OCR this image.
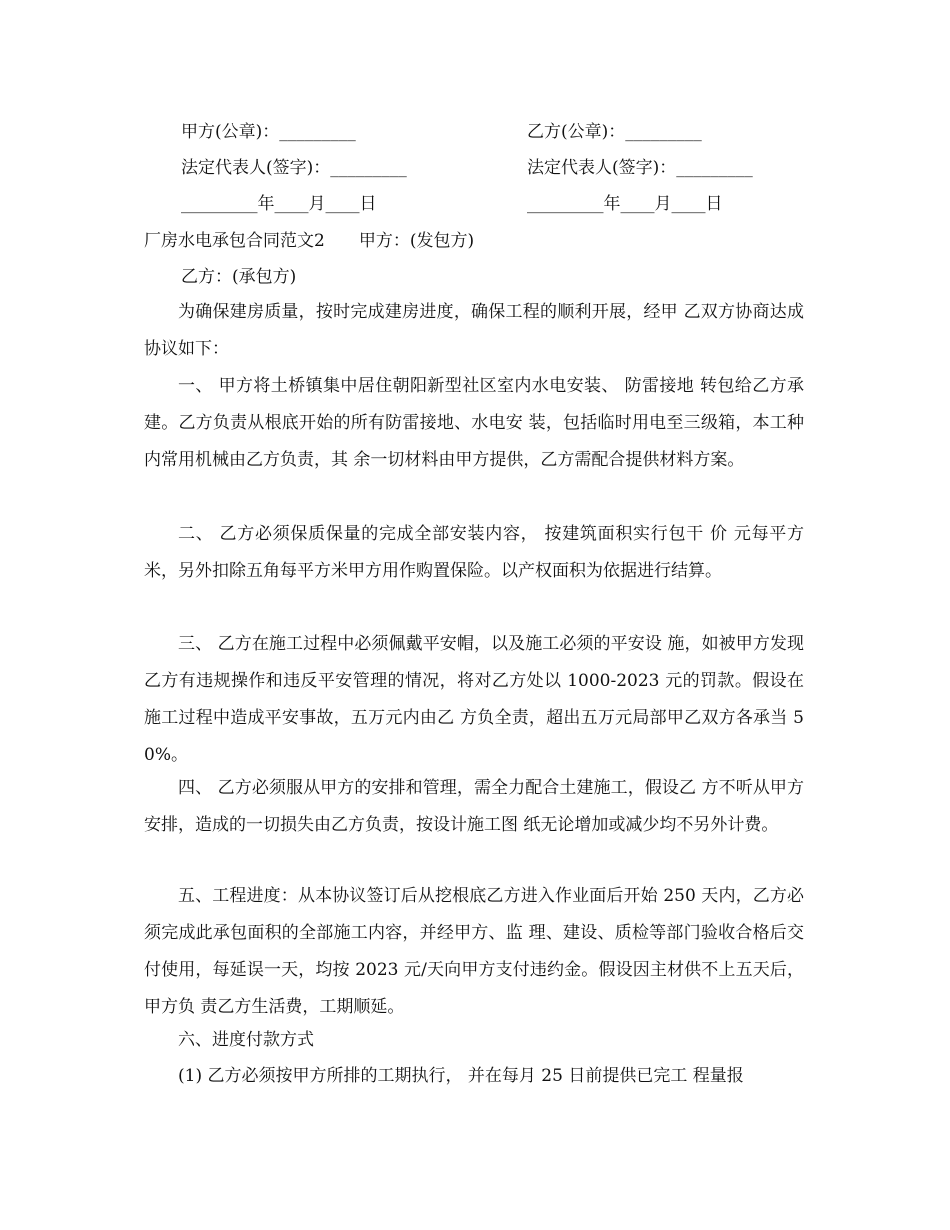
甲方(公章)：_________	乙方(公章)：_________
法定代表人(签字)：_________	法定代表人(签字)：_________
_________年____月____日	_________年____月____日
厂房水电承包合同范文2　　甲方：(发包方)
乙方：(承包方)
为确保建房质量，按时完成建房进度，确保工程的顺利开展，经甲 乙双方协商达成协议如下：
一、 甲方将土桥镇集中居住朝阳新型社区室内水电安装、 防雷接地 转包给乙方承建。乙方负责从根底开始的所有防雷接地、水电安 装，包括临时用电至三级箱，本工种内常用机械由乙方负责，其 余一切材料由甲方提供，乙方需配合提供材料方案。
二、 乙方必须保质保量的完成全部安装内容， 按建筑面积实行包干 价 元每平方米，另外扣除五角每平方米甲方用作购置保险。以产权面积为依据进行结算。
三、 乙方在施工过程中必须佩戴平安帽，以及施工必须的平安设 施，如被甲方发现乙方有违规操作和违反平安管理的情况，将对乙方处以 1000-2023 元的罚款。假设在施工过程中造成平安事故，五万元内由乙 方负全责，超出五万元局部甲乙双方各承当 50%。
四、 乙方必须服从甲方的安排和管理，需全力配合土建施工，假设乙 方不听从甲方安排，造成的一切损失由乙方负责，按设计施工图 纸无论增加或减少均不另外计费。
五、工程进度：从本协议签订后从挖根底乙方进入作业面后开始 250 天内，乙方必须完成此承包面积的全部施工内容，并经甲方、监 理、建设、质检等部门验收合格后交付使用，每延误一天，均按 2023 元/天向甲方支付违约金。假设因主材供不上五天后，甲方负 责乙方生活费，工期顺延。
六、进度付款方式
(1) 乙方必须按甲方所排的工期执行， 并在每月 25 日前提供已完工 程量报
